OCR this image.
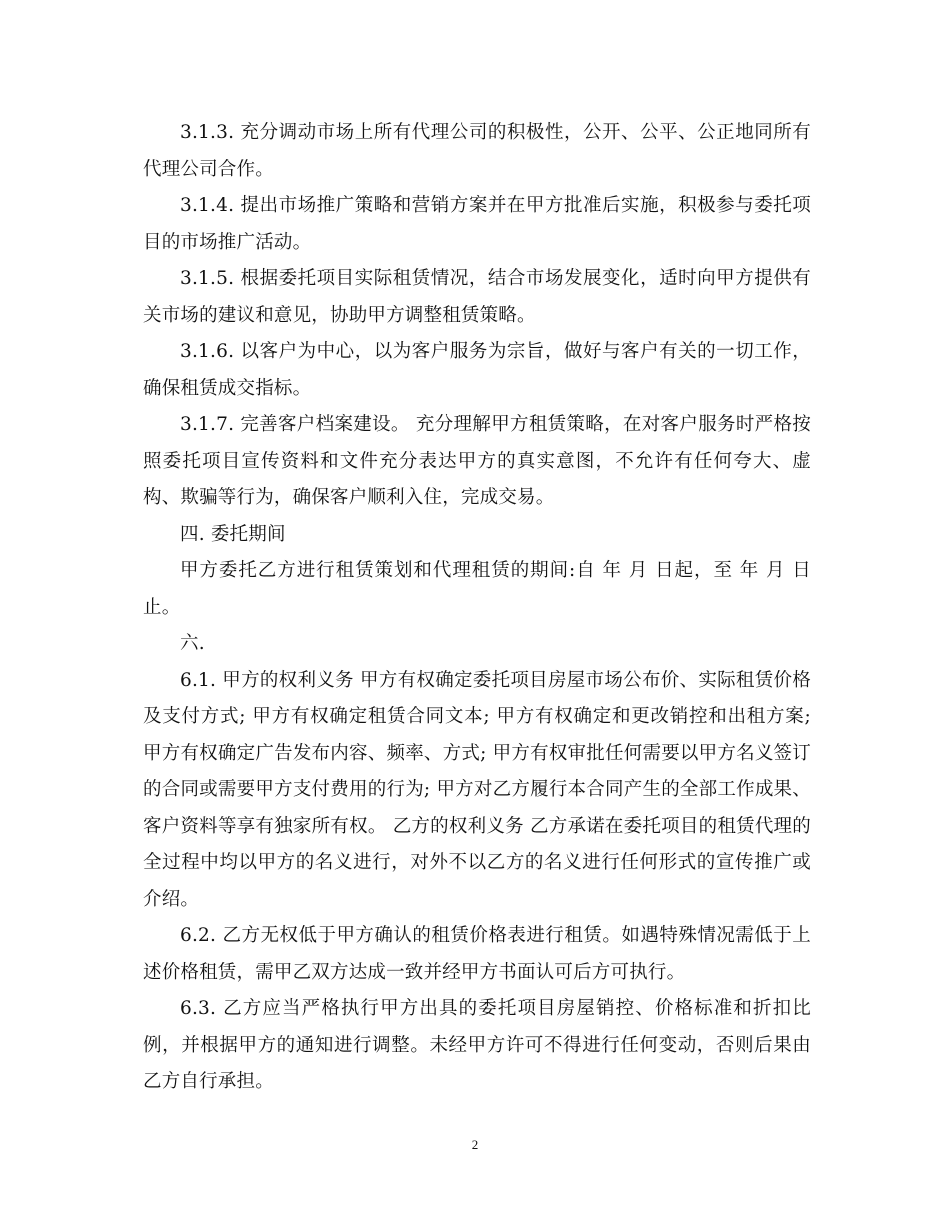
3.1.3. 充分调动市场上所有代理公司的积极性，公开、公平、公正地同所有代理公司合作。

3.1.4. 提出市场推广策略和营销方案并在甲方批准后实施，积极参与委托项目的市场推广活动。

3.1.5. 根据委托项目实际租赁情况，结合市场发展变化，适时向甲方提供有关市场的建议和意见，协助甲方调整租赁策略。

3.1.6. 以客户为中心，以为客户服务为宗旨，做好与客户有关的一切工作，确保租赁成交指标。

3.1.7. 完善客户档案建设。 充分理解甲方租赁策略，在对客户服务时严格按照委托项目宣传资料和文件充分表达甲方的真实意图，不允许有任何夸大、虚构、欺骗等行为，确保客户顺利入住，完成交易。

四. 委托期间

甲方委托乙方进行租赁策划和代理租赁的期间:自 年 月 日起，至 年 月 日止。

六.

6.1. 甲方的权利义务 甲方有权确定委托项目房屋市场公布价、实际租赁价格及支付方式; 甲方有权确定租赁合同文本; 甲方有权确定和更改销控和出租方案; 甲方有权确定广告发布内容、频率、方式; 甲方有权审批任何需要以甲方名义签订的合同或需要甲方支付费用的行为; 甲方对乙方履行本合同产生的全部工作成果、客户资料等享有独家所有权。 乙方的权利义务 乙方承诺在委托项目的租赁代理的全过程中均以甲方的名义进行，对外不以乙方的名义进行任何形式的宣传推广或介绍。

6.2. 乙方无权低于甲方确认的租赁价格表进行租赁。如遇特殊情况需低于上述价格租赁，需甲乙双方达成一致并经甲方书面认可后方可执行。

6.3. 乙方应当严格执行甲方出具的委托项目房屋销控、价格标准和折扣比例，并根据甲方的通知进行调整。未经甲方许可不得进行任何变动，否则后果由乙方自行承担。

2
